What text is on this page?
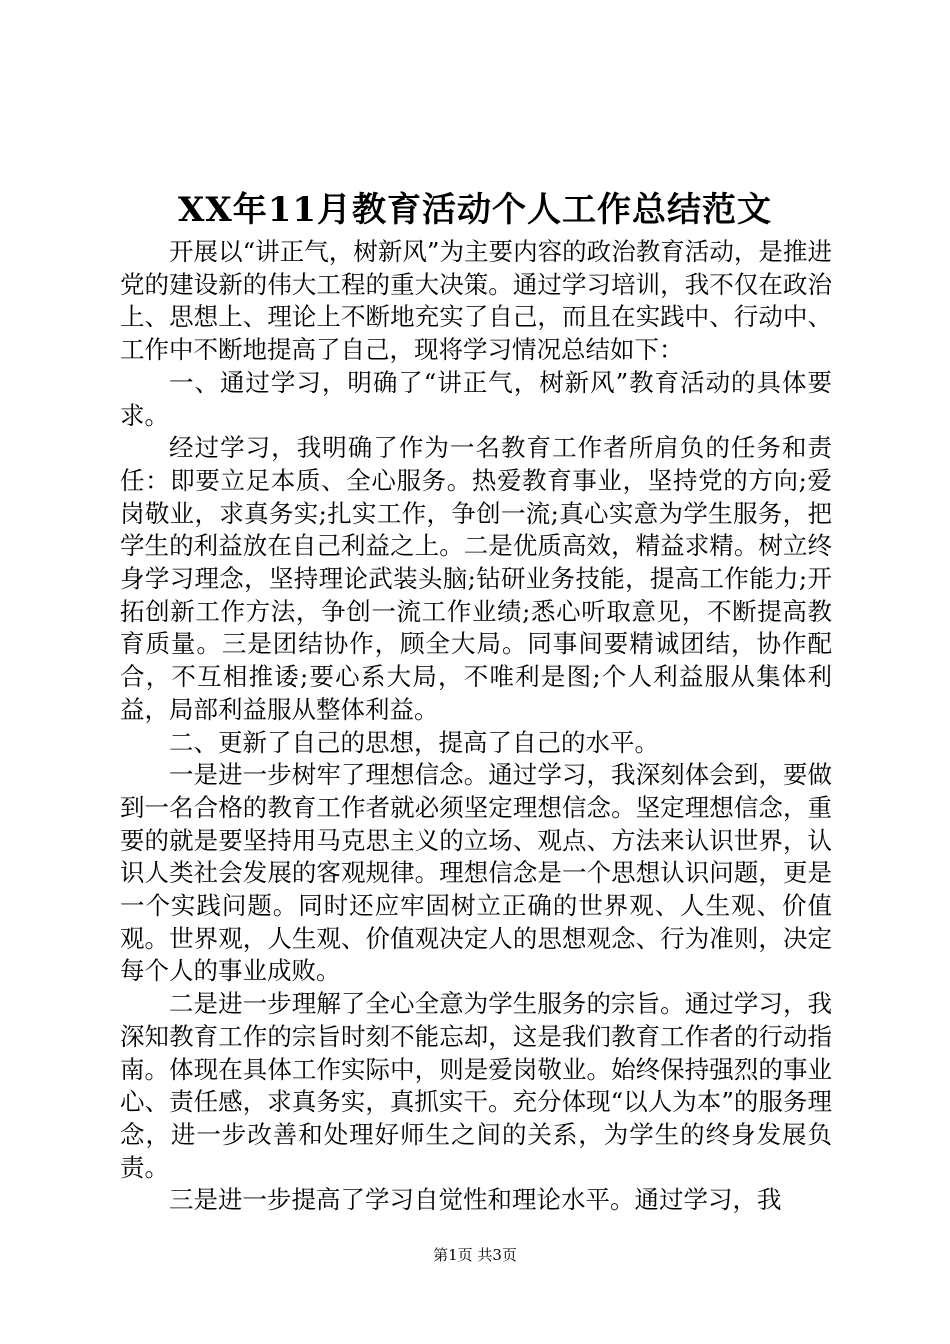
XX年11月教育活动个人工作总结范文

开展以“讲正气，树新风”为主要内容的政治教育活动，是推进党的建设新的伟大工程的重大决策。通过学习培训，我不仅在政治上、思想上、理论上不断地充实了自己，而且在实践中、行动中、工作中不断地提高了自己，现将学习情况总结如下：

一、通过学习，明确了“讲正气，树新风”教育活动的具体要求。

经过学习，我明确了作为一名教育工作者所肩负的任务和责任：即要立足本质、全心服务。热爱教育事业，坚持党的方向;爱岗敬业，求真务实;扎实工作，争创一流;真心实意为学生服务，把学生的利益放在自己利益之上。二是优质高效，精益求精。树立终身学习理念，坚持理论武装头脑;钻研业务技能，提高工作能力;开拓创新工作方法，争创一流工作业绩;悉心听取意见，不断提高教育质量。三是团结协作，顾全大局。同事间要精诚团结，协作配合，不互相推诿;要心系大局，不唯利是图;个人利益服从集体利益，局部利益服从整体利益。

二、更新了自己的思想，提高了自己的水平。

一是进一步树牢了理想信念。通过学习，我深刻体会到，要做到一名合格的教育工作者就必须坚定理想信念。坚定理想信念，重要的就是要坚持用马克思主义的立场、观点、方法来认识世界，认识人类社会发展的客观规律。理想信念是一个思想认识问题，更是一个实践问题。同时还应牢固树立正确的世界观、人生观、价值观。世界观，人生观、价值观决定人的思想观念、行为准则，决定每个人的事业成败。

二是进一步理解了全心全意为学生服务的宗旨。通过学习，我深知教育工作的宗旨时刻不能忘却，这是我们教育工作者的行动指南。体现在具体工作实际中，则是爱岗敬业。始终保持强烈的事业心、责任感，求真务实，真抓实干。充分体现“以人为本”的服务理念，进一步改善和处理好师生之间的关系，为学生的终身发展负责。

三是进一步提高了学习自觉性和理论水平。通过学习，我

第1页 共3页
